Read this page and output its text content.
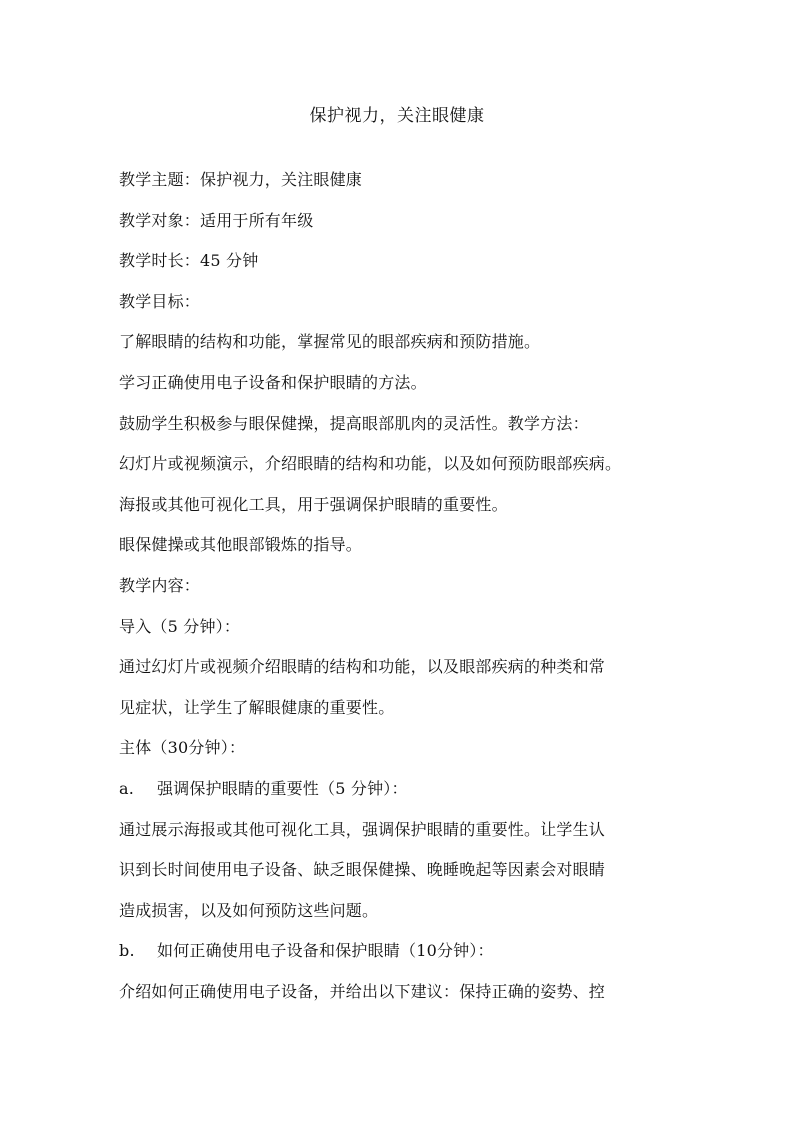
保护视力，关注眼健康

教学主题：保护视力，关注眼健康

教学对象：适用于所有年级

教学时长：45 分钟

教学目标：

了解眼睛的结构和功能，掌握常见的眼部疾病和预防措施。

学习正确使用电子设备和保护眼睛的方法。

鼓励学生积极参与眼保健操，提高眼部肌肉的灵活性。教学方法：

幻灯片或视频演示，介绍眼睛的结构和功能，以及如何预防眼部疾病。

海报或其他可视化工具，用于强调保护眼睛的重要性。

眼保健操或其他眼部锻炼的指导。

教学内容：

导入（5 分钟）：

通过幻灯片或视频介绍眼睛的结构和功能，以及眼部疾病的种类和常

见症状，让学生了解眼健康的重要性。

主体（30分钟）：

a. 强调保护眼睛的重要性（5 分钟）：

通过展示海报或其他可视化工具，强调保护眼睛的重要性。让学生认

识到长时间使用电子设备、缺乏眼保健操、晚睡晚起等因素会对眼睛

造成损害，以及如何预防这些问题。

b. 如何正确使用电子设备和保护眼睛（10分钟）：

介绍如何正确使用电子设备，并给出以下建议：保持正确的姿势、控
